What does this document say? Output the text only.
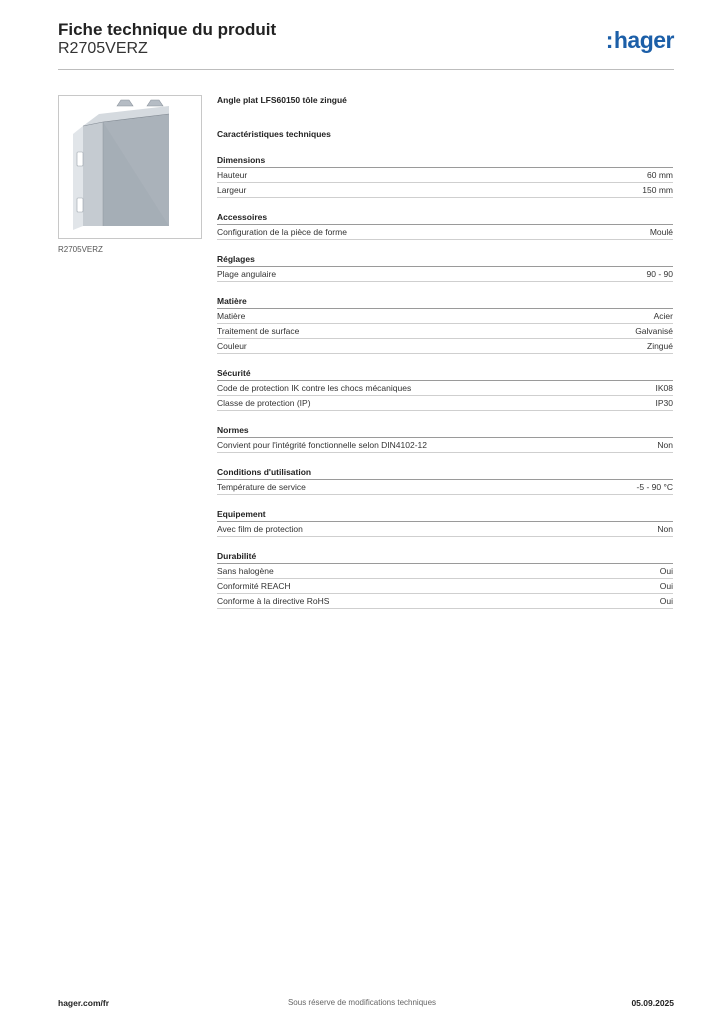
Fiche technique du produit
R2705VERZ	:hager
R2705VERZ
Angle plat LFS60150 tôle zingué
Caractéristiques techniques
Dimensions
Hauteur	60 mm
Largeur	150 mm
Accessoires
Configuration de la pièce de forme	Moulé
Réglages
Plage angulaire	90 - 90
Matière
Matière	Acier
Traitement de surface	Galvanisé
Couleur	Zingué
Sécurité
Code de protection IK contre les chocs mécaniques	IK08
Classe de protection (IP)	IP30
Normes
Convient pour l'intégrité fonctionnelle selon DIN4102-12	Non
Conditions d'utilisation
Température de service	-5 - 90 °C
Equipement
Avec film de protection	Non
Durabilité
Sans halogène	Oui
Conformité REACH	Oui
Conforme à la directive RoHS	Oui
hager.com/fr	Sous réserve de modifications techniques	05.09.2025
